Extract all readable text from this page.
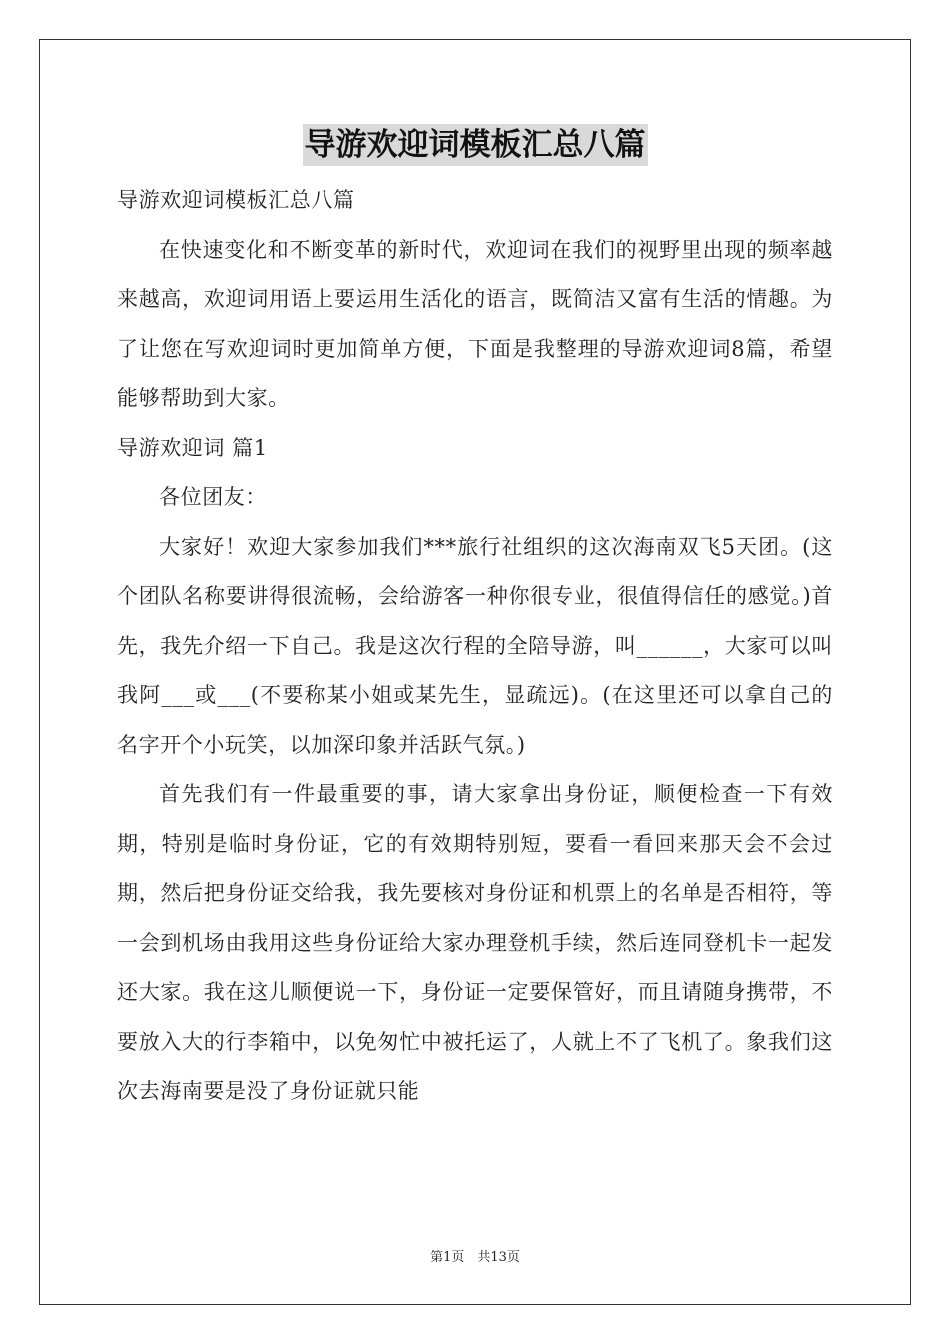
导游欢迎词模板汇总八篇

导游欢迎词模板汇总八篇

在快速变化和不断变革的新时代，欢迎词在我们的视野里出现的频率越来越高，欢迎词用语上要运用生活化的语言，既简洁又富有生活的情趣。为了让您在写欢迎词时更加简单方便，下面是我整理的导游欢迎词8篇，希望能够帮助到大家。

导游欢迎词 篇1

各位团友：

大家好！欢迎大家参加我们***旅行社组织的这次海南双飞5天团。(这个团队名称要讲得很流畅，会给游客一种你很专业，很值得信任的感觉。)首先，我先介绍一下自己。我是这次行程的全陪导游，叫______，大家可以叫我阿___或___(不要称某小姐或某先生，显疏远)。(在这里还可以拿自己的名字开个小玩笑，以加深印象并活跃气氛。)

首先我们有一件最重要的事，请大家拿出身份证，顺便检查一下有效期，特别是临时身份证，它的有效期特别短，要看一看回来那天会不会过期，然后把身份证交给我，我先要核对身份证和机票上的名单是否相符，等一会到机场由我用这些身份证给大家办理登机手续，然后连同登机卡一起发还大家。我在这儿顺便说一下，身份证一定要保管好，而且请随身携带，不要放入大的行李箱中，以免匆忙中被托运了，人就上不了飞机了。象我们这次去海南要是没了身份证就只能

第1页　共13页
